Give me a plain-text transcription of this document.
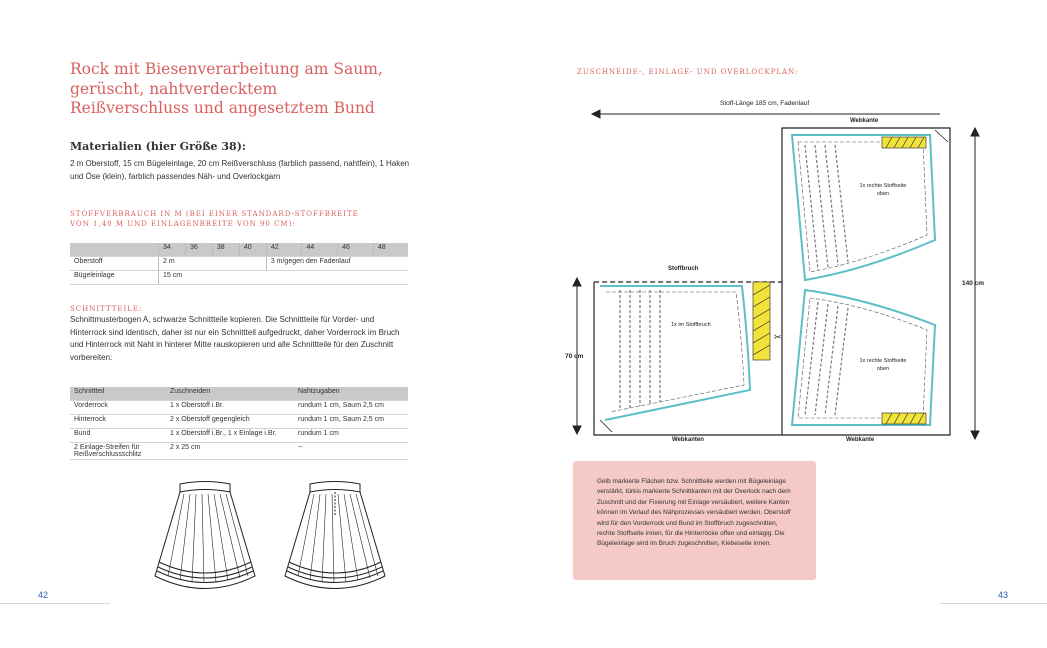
Rock mit Biesenverarbeitung am Saum, gerüscht, nahtverdecktem Reißverschluss und angesetztem Bund
Materialien (hier Größe 38):
2 m Oberstoff, 15 cm Bügeleinlage, 20 cm Reißverschluss (farblich passend, nahtfein), 1 Haken und Öse (klein), farblich passendes Näh- und Overlockgarn
STOFFVERBRAUCH IN M (BEI EINER STANDARD-STOFFBREITE VON 1,40 M UND EINLAGENBREITE VON 90 CM):
	34	36	38	40	42	44	46	48
Oberstoff	2 m				3 m/gegen den Fadenlauf			
Bügeleinlage	15 cm							
SCHNITTTEILE:
Schnittmusterbogen A, schwarze Schnittteile kopieren. Die Schnittteile für Vorder- und Hinterrock sind identisch, daher ist nur ein Schnittteil aufgedruckt, daher Vorderrock im Bruch und Hinterrock mit Naht in hinterer Mitte rauskopieren und alle Schnittteile für den Zuschnitt vorbereiten:
Schnittteil	Zuschneiden	Nahtzugaben
Vorderrock	1 x Oberstoff i.Br.	rundum 1 cm, Saum 2,5 cm
Hinterrock	2 x Oberstoff gegengleich	rundum 1 cm, Saum 2,5 cm
Bund	1 x Oberstoff i.Br., 1 x Einlage i.Br.	rundum 1 cm
2 Einlage-Streifen für Reißverschlussschlitz	2 x 25 cm	--
42
ZUSCHNEIDE-, EINLAGE- UND OVERLOCKPLAN:
Stoff-Länge 185 cm, Fadenlauf
Webkante
Stoffbruch
140 cm
70 cm
1x rechte Stoffseite oben
1x im Stoffbruch
1x rechte Stoffseite oben
Webkanten	Webkante
✂
Gelb markierte Flächen bzw. Schnittteile werden mit Bügeleinlage verstärkt, türkis markierte Schnittkanten mit der Overlock nach dem Zuschnitt und der Fixierung mit Einlage versäubert, weitere Kanten können im Verlauf des Nähprozesses versäubert werden. Oberstoff wird für den Vorderrock und Bund im Stoffbruch zugeschnitten, rechte Stoffseite innen, für die Hinterröcke offen und einlagig. Die Bügeleinlage wird im Bruch zugeschnitten, Klebeseite innen.
43
